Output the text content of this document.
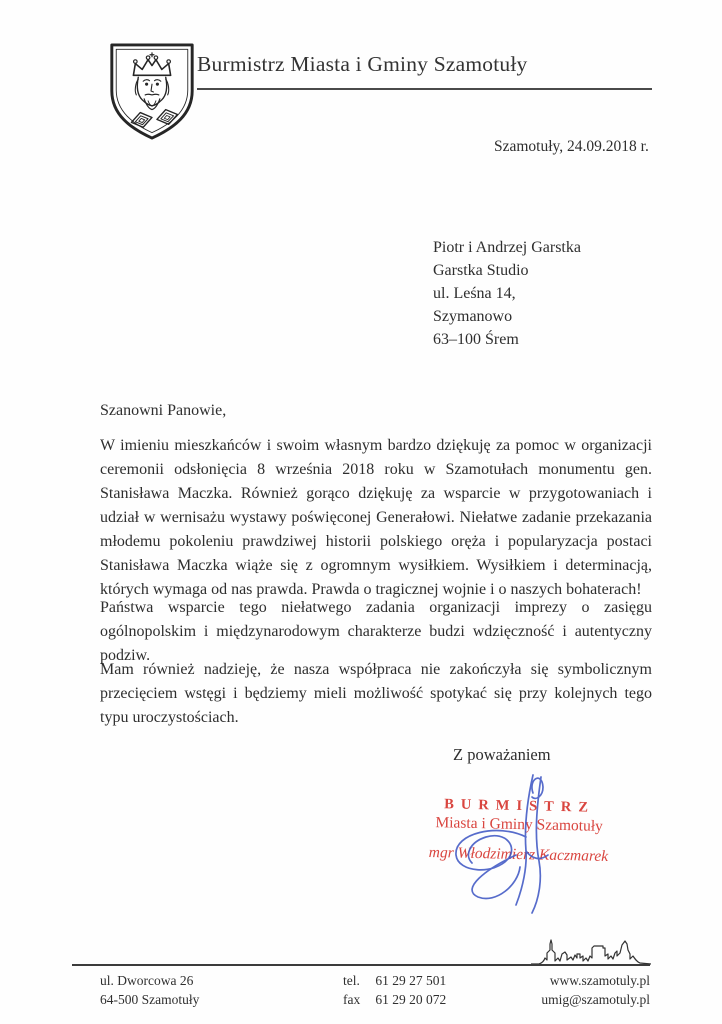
Burmistrz Miasta i Gminy Szamotuły
Szamotuły, 24.09.2018 r.
Piotr i Andrzej Garstka
Garstka Studio
ul. Leśna 14,
Szymanowo
63–100 Śrem
Szanowni Panowie,

W imieniu mieszkańców i swoim własnym bardzo dziękuję za pomoc w organizacji ceremonii odsłonięcia 8 września 2018 roku w Szamotułach monumentu gen. Stanisława Maczka. Również gorąco dziękuję za wsparcie w przygotowaniach i udział w wernisażu wystawy poświęconej Generałowi. Niełatwe zadanie przekazania młodemu pokoleniu prawdziwej historii polskiego oręża i popularyzacja postaci Stanisława Maczka wiąże się z ogromnym wysiłkiem. Wysiłkiem i determinacją, których wymaga od nas prawda. Prawda o tragicznej wojnie i o naszych bohaterach!

Państwa wsparcie tego niełatwego zadania organizacji imprezy o zasięgu ogólnopolskim i międzynarodowym charakterze budzi wdzięczność i autentyczny podziw.

Mam również nadzieję, że nasza współpraca nie zakończyła się symbolicznym przecięciem wstęgi i będziemy mieli możliwość spotykać się przy kolejnych tego typu uroczystościach.

Z poważaniem
BURMISTRZ
Miasta i Gminy Szamotuły
mgr Włodzimierz Kaczmarek
ul. Dworcowa 26
64-500 Szamotuły
tel. 61 29 27 501
fax 61 29 20 072
www.szamotuly.pl
umig@szamotuly.pl
